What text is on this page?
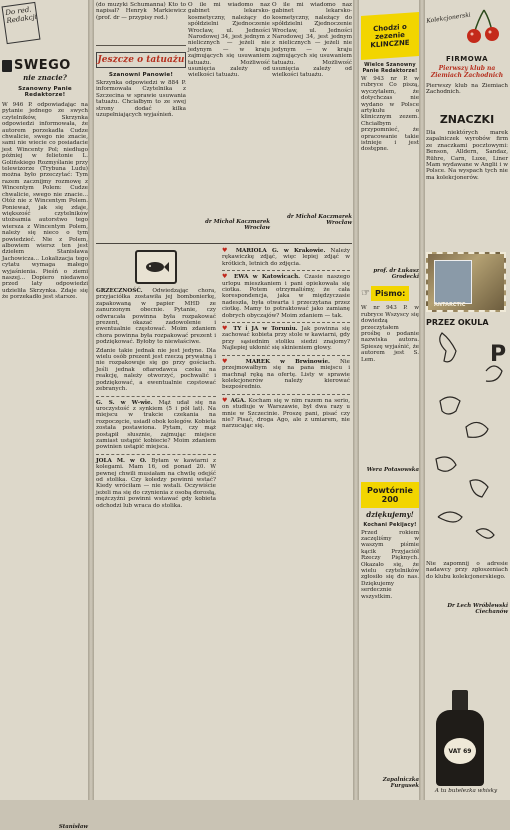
Do red. Redakcji
SWEGO
nie znacie?
Szanowny Panie Redaktorze!

W 946 P. odpowiadając na pytanie jednego ze swych czytelników, Skrzynka odpowiedzi informowała, że autorem porzekadła Cudze chwalicie, swego nie znacie, sami nie wiecie co posiadacie jest Wincenty Pol; niedługo później w felietonie L. Golińskiego Rozmyślanie przy telewizorze (Trybuna Ludu) można było przeczytać: Tym razem zacznijmy rozmowę z Wincentym Polem: Cudze chwalicie, swego nie znacie... Otóż nie z Wincentym Polem. Ponieważ, jak się zdaje, większość czytelników utożsamia autorstwo tego wiersza z Wincentym Polem, należy się nieco o tym powiedzieć. Nie z Polem, albowiem wiersz ten jest dziełem Stanisława Jachowicza... Lokalizacja tego cytatu wymaga małego wyjaśnienia. Pieśń o ziemi naszej... Dopiero niedawno przed laty odpowiedzi udzieliła Skrzynka. Zdaje się że porzekadło jest starsze.

Stanisław

(do muzyki Schumanna) Kto to napisał? Henryk Markiewicz (prof. dr — przypisy red.)

Jeszcze o tatuażu
Szanowni Panowie!

Skrzynka odpowiedzi w 884 P. informowała Czytelnika z Szczecina w sprawie usuwania tatuażu. Chciałbym to ze swej strony dodać kilka uzupełniających wyjaśnień.

O ile mi wiadomo naz gabinet lekarsko-kosmetyczny, należący do spółdzielni Zjednoczenie Wrocław, ul. Jedności Narodowej 34, jest jednym z nielicznych — jeżeli nie jedynym — w kraju zajmujących się usuwaniem tatuażu. Możliwość usunięcia zależy od wielkości tatuażu.

dr Michał Kaczmarek Wrocław

O ile mi wiadomo naz gabinet lekarsko-kosmetyczny, należący do spółdzielni Zjednoczenie Wrocław, ul. Jedności Narodowej 34, jest jednym z nielicznych — jeżeli nie jedynym — w kraju zajmujących się usuwaniem tatuażu. Możliwość usunięcia zależy od wielkości tatuażu.

dr Michał Kaczmarek Wrocław

GRZECZNOŚĆ. Odwiedzając chora, przyjaciółka zostawiła jej bombonierkę, zapakowaną w papier MHD ze zanurzonym obecnie. Pytanie, czy odwracała powinna była rozpakować prezent, okazać zadowolenie i ewentualnie częstować. Moim zdaniem chora powinna była rozpakować prezent i podziękować. Byłoby to niewłaściwe.

Zdanie takie jednak nie jest jedyne. Dla wielu osób prezent jest rzeczą prywatną i nie rozpakowuje się go przy gościach. Jeśli jednak ofiarodawca czeka na reakcję, należy otworzyć, pochwalić i podziękować, a ewentualnie częstować zebranych.

G. S. w W-wie. Mąż udał się na uroczystość z synkiem (5 i pół lat). Na miejscu w trakcie czekania na rozpoczęcie, usiadł obok kolegów. Kobieta została postawiona. Pytam, czy mąż postąpił słusznie, zajmując miejsce zamiast ustąpić kobiecie? Moim zdaniem powinien ustąpić miejsca.

JOLA M. w O. Byłam w kawiarni z kolegami. Mam 16, od ponad 20. W pewnej chwili musiałam na chwilę odejść od stolika. Czy koledzy powinni wstać? Kiedy wróciłam — nie wstali. Oczywiście jeżeli ma się do czynienia z osobą dorosłą, mężczyźni powinni wstawać gdy kobieta odchodzi lub wraca do stolika.

♥ MARIOLA G. w Krakowie. Należy rękawiczkę zdjąć, więc lepiej zdjąć w krótkich, letnich do zdjęcia.

♥ EWA w Katowicach. Czasie naszego urlopu mieszkaniem i pani opiekowała się ciotka. Potem otrzymaliśmy, że cała korespondencja, jaka w międzyczasie nadeszła, była otwarta i przeczytana przez ciotkę. Mamy to potraktować jako zamianę dobrych obyczajów? Moim zdaniem — tak.

♥ TY i JA w Toruniu. Jak powinna się zachować kobieta przy stole w kawiarni, gdy przy sąsiednim stoliku siedzi znajomy? Najlepiej ukłonić się skinieniem głowy.

♥ MAREK w Brwinowie. Nie przejmowałbym się na pana miejscu i machnął ręką na ofertę. Listy w sprawie kolekcjonerów należy kierować bezpośrednio.

♥ AGA. Kocham się w nim razem na serio, on studiuje w Warszawie, był dwa razy u mnie w Szczecinie. Proszę pani, pisać czy nie? Pisać, droga Ago, ale z umiarem, nie narzucając się.

Chodzi o zezenie KLINCZNE
Wielce Szanowny Panie Redaktorze!

W 943 nr P. w rubryce Co piszą, wyczytałem, że dotychczas nie wydano w Polsce artykułu o klinicznym zezem. Chciałbym przypomnieć, że opracowanie takie istnieje i jest dostępne.

prof. dr Łukasz Grodecki

☞ Pismo:

W nr 943 P. w rubryce Wszyscy się dowiedzą przeczytałem prośbę o podanie nazwiska autora. Spieszę wyjaśnić, że autorem jest S. Lem.

Wera Potasowska

Powtórnie 200
dziękujemy!
Kochani Pekijacy!

Przed rokiem zaczęliśmy w waszym piśmie kącik Przyjaciół Rzeczy Pięknych. Okazało się, że wielu czytelników zgłosiło się do nas. Dziękujemy serdecznie wszystkim.

Zapalniczka Furgusek

Kolekcjonerski
FIRMOWA
Pierwszy klub na Ziemiach Zachodnich

Pierwszy klub na Ziemiach Zachodnich.

ZNACZKI

Dla niektórych marek zapalniczek wyrobów firm ze znaczkami pocztowymi: Benson, Alldern, Sandaz, Rühre, Carn, Luxe, Liner Mam wydawane w Anglii i w Polsce. Na wyspach tych nie ma kolekcjonerów.

ANTARCTIC
PRZEZ OKULA
P

Nie zapomnij o adresie nadawcy przy zgłoszeniach do klubu kolekcjonerskiego.

Dr Lech Wróblewski Ciechanów

VAT 69
A tu butelezka whisky
